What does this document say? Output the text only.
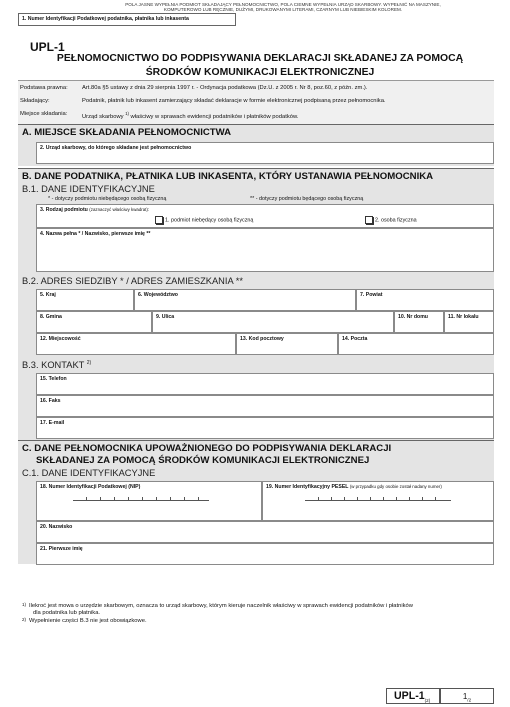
POLA JASNE WYPEŁNIA PODMIOT SKŁADAJĄCY PEŁNOMOCNICTWO, POLA CIEMNE WYPEŁNIA URZĄD SKARBOWY. WYPEŁNIĆ NA MASZYNIE,
KOMPUTEROWO LUB RĘCZNIE, DUŻYMI, DRUKOWANYMI LITERAMI, CZARNYM LUB NIEBIESKIM KOLOREM.
1. Numer Identyfikacji Podatkowej podatnika, płatnika lub inkasenta
UPL-1
PEŁNOMOCNICTWO DO PODPISYWANIA DEKLARACJI SKŁADANEJ ZA POMOCĄ
ŚRODKÓW KOMUNIKACJI ELEKTRONICZNEJ
Podstawa prawna: Art.80a §5 ustawy z dnia 29 sierpnia 1997 r. - Ordynacja podatkowa (Dz.U. z 2005 r. Nr 8, poz.60, z późn. zm.).
Składający:	Podatnik, płatnik lub inkasent zamierzający składać deklaracje w formie elektronicznej podpisaną przez pełnomocnika.
Miejsce składania:	Urząd skarbowy $^{1)}$ właściwy w sprawach ewidencji podatników i płatników podatków.
A. MIEJSCE SKŁADANIA PEŁNOMOCNICTWA
2. Urząd skarbowy, do którego składane jest pełnomocnictwo
B. DANE PODATNIKA, PŁATNIKA LUB INKASENTA, KTÓRY USTANAWIA PEŁNOMOCNIKA
B.1. DANE IDENTYFIKACYJNE
* - dotyczy podmiotu niebędącego osobą fizyczną	** - dotyczy podmiotu będącego osobą fizyczną
3. Rodzaj podmiotu (zaznaczyć właściwy kwadrat):
1. podmiot niebędący osobą fizyczną	2. osoba fizyczna
4. Nazwa pełna * / Nazwisko, pierwsze imię **
B.2. ADRES SIEDZIBY * / ADRES ZAMIESZKANIA **
5. Kraj	6. Województwo	7. Powiat
8. Gmina	9. Ulica	10. Nr domu	11. Nr lokalu
12. Miejscowość	13. Kod pocztowy	14. Poczta
B.3. KONTAKT $^{2)}$
15. Telefon
16. Faks
17. E-mail
C. DANE PEŁNOMOCNIKA UPOWAŻNIONEGO DO PODPISYWANIA DEKLARACJI
SKŁADANEJ ZA POMOCĄ ŚRODKÓW KOMUNIKACJI ELEKTRONICZNEJ
C.1. DANE IDENTYFIKACYJNE
18. Numer Identyfikacji Podatkowej (NIP)	19. Numer Identyfikacyjny PESEL (w przypadku gdy osobie został nadany numer)
20. Nazwisko
21. Pierwsze imię
1) Ilekroć jest mowa o urzędzie skarbowym, oznacza to urząd skarbowy, którym kieruje naczelnik właściwy w sprawach ewidencji podatników i płatników
dla podatnika lub płatnika.
2) Wypełnienie części B.3 nie jest obowiązkowe.
UPL-$1_{(2)}$	$1_{/2}$
